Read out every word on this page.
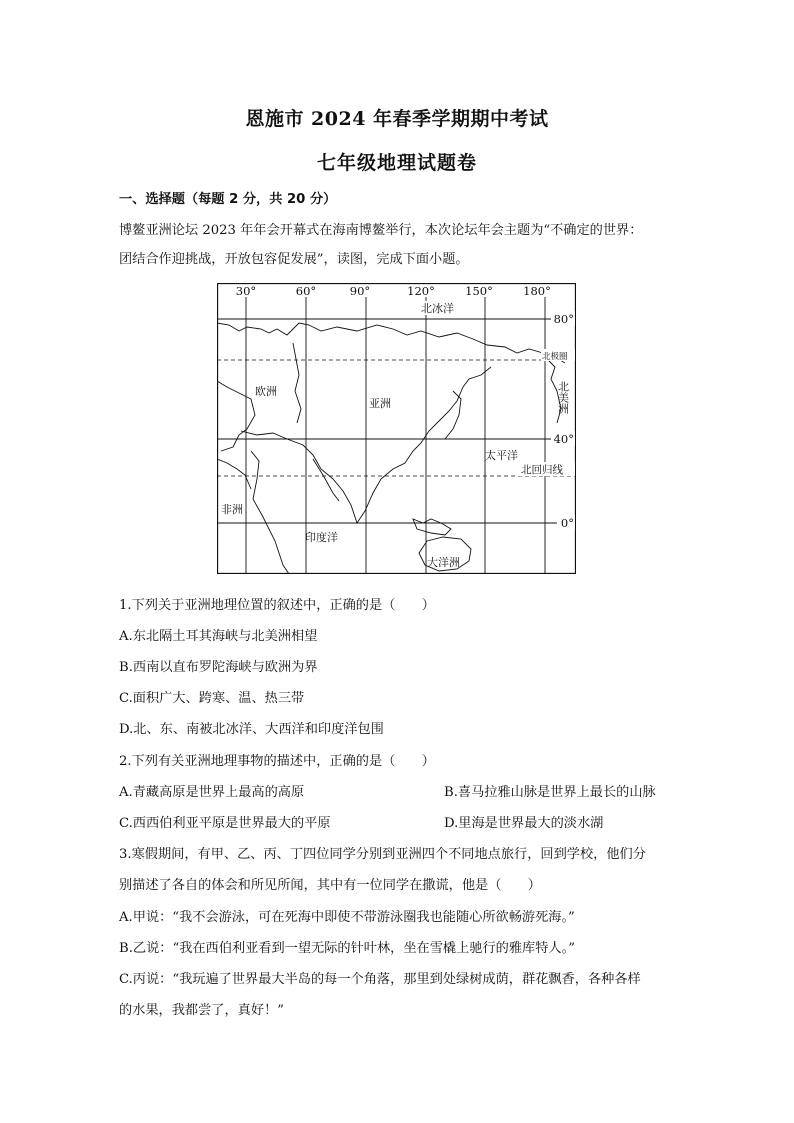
恩施市 2024 年春季学期期中考试
七年级地理试题卷
一、选择题（每题 2 分，共 20 分）
博鳌亚洲论坛 2023 年年会开幕式在海南博鳌举行，本次论坛年会主题为“不确定的世界：
团结合作迎挑战，开放包容促发展”，读图，完成下面小题。
30°	60°	90°	120°	150°	180°
80°
40°
0°
北冰洋
北极圈
欧洲
亚洲	北美洲
太平洋
北回归线
非洲
印度洋
大洋洲
1.下列关于亚洲地理位置的叙述中，正确的是（　　）
A.东北隔土耳其海峡与北美洲相望
B.西南以直布罗陀海峡与欧洲为界
C.面积广大、跨寒、温、热三带
D.北、东、南被北冰洋、大西洋和印度洋包围
2.下列有关亚洲地理事物的描述中，正确的是（　　）
A.青藏高原是世界上最高的高原	B.喜马拉雅山脉是世界上最长的山脉
C.西西伯利亚平原是世界最大的平原	D.里海是世界最大的淡水湖
3.寒假期间，有甲、乙、丙、丁四位同学分别到亚洲四个不同地点旅行，回到学校，他们分
别描述了各自的体会和所见所闻，其中有一位同学在撒谎，他是（　　）
A.甲说：“我不会游泳，可在死海中即使不带游泳圈我也能随心所欲畅游死海。”
B.乙说：“我在西伯利亚看到一望无际的针叶林，坐在雪橇上驰行的雅库特人。”
C.丙说：“我玩遍了世界最大半岛的每一个角落，那里到处绿树成荫，群花飘香，各种各样
的水果，我都尝了，真好！”
